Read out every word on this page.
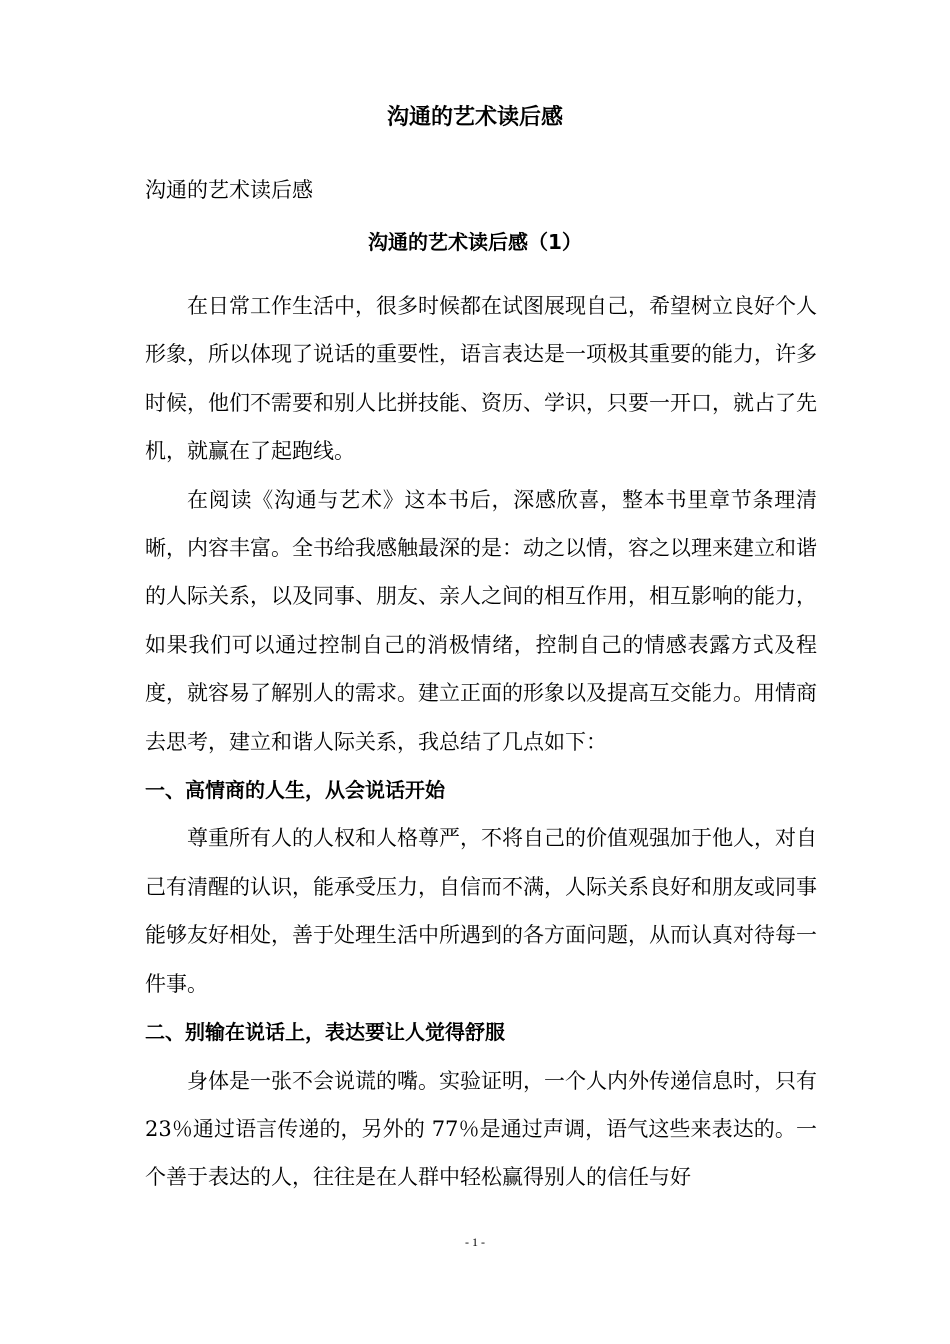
沟通的艺术读后感

沟通的艺术读后感

沟通的艺术读后感（1）

在日常工作生活中，很多时候都在试图展现自己，希望树立良好个人形象，所以体现了说话的重要性，语言表达是一项极其重要的能力，许多时候，他们不需要和别人比拼技能、资历、学识，只要一开口，就占了先机，就赢在了起跑线。

在阅读《沟通与艺术》这本书后，深感欣喜，整本书里章节条理清晰，内容丰富。全书给我感触最深的是：动之以情，容之以理来建立和谐的人际关系，以及同事、朋友、亲人之间的相互作用，相互影响的能力，如果我们可以通过控制自己的消极情绪，控制自己的情感表露方式及程度，就容易了解别人的需求。建立正面的形象以及提高互交能力。用情商去思考，建立和谐人际关系，我总结了几点如下：

一、高情商的人生，从会说话开始

尊重所有人的人权和人格尊严，不将自己的价值观强加于他人，对自己有清醒的认识，能承受压力，自信而不满，人际关系良好和朋友或同事能够友好相处，善于处理生活中所遇到的各方面问题，从而认真对待每一件事。

二、别输在说话上，表达要让人觉得舒服

身体是一张不会说谎的嘴。实验证明，一个人内外传递信息时，只有 23％通过语言传递的，另外的 77％是通过声调，语气这些来表达的。一个善于表达的人，往往是在人群中轻松赢得别人的信任与好

- 1 -
